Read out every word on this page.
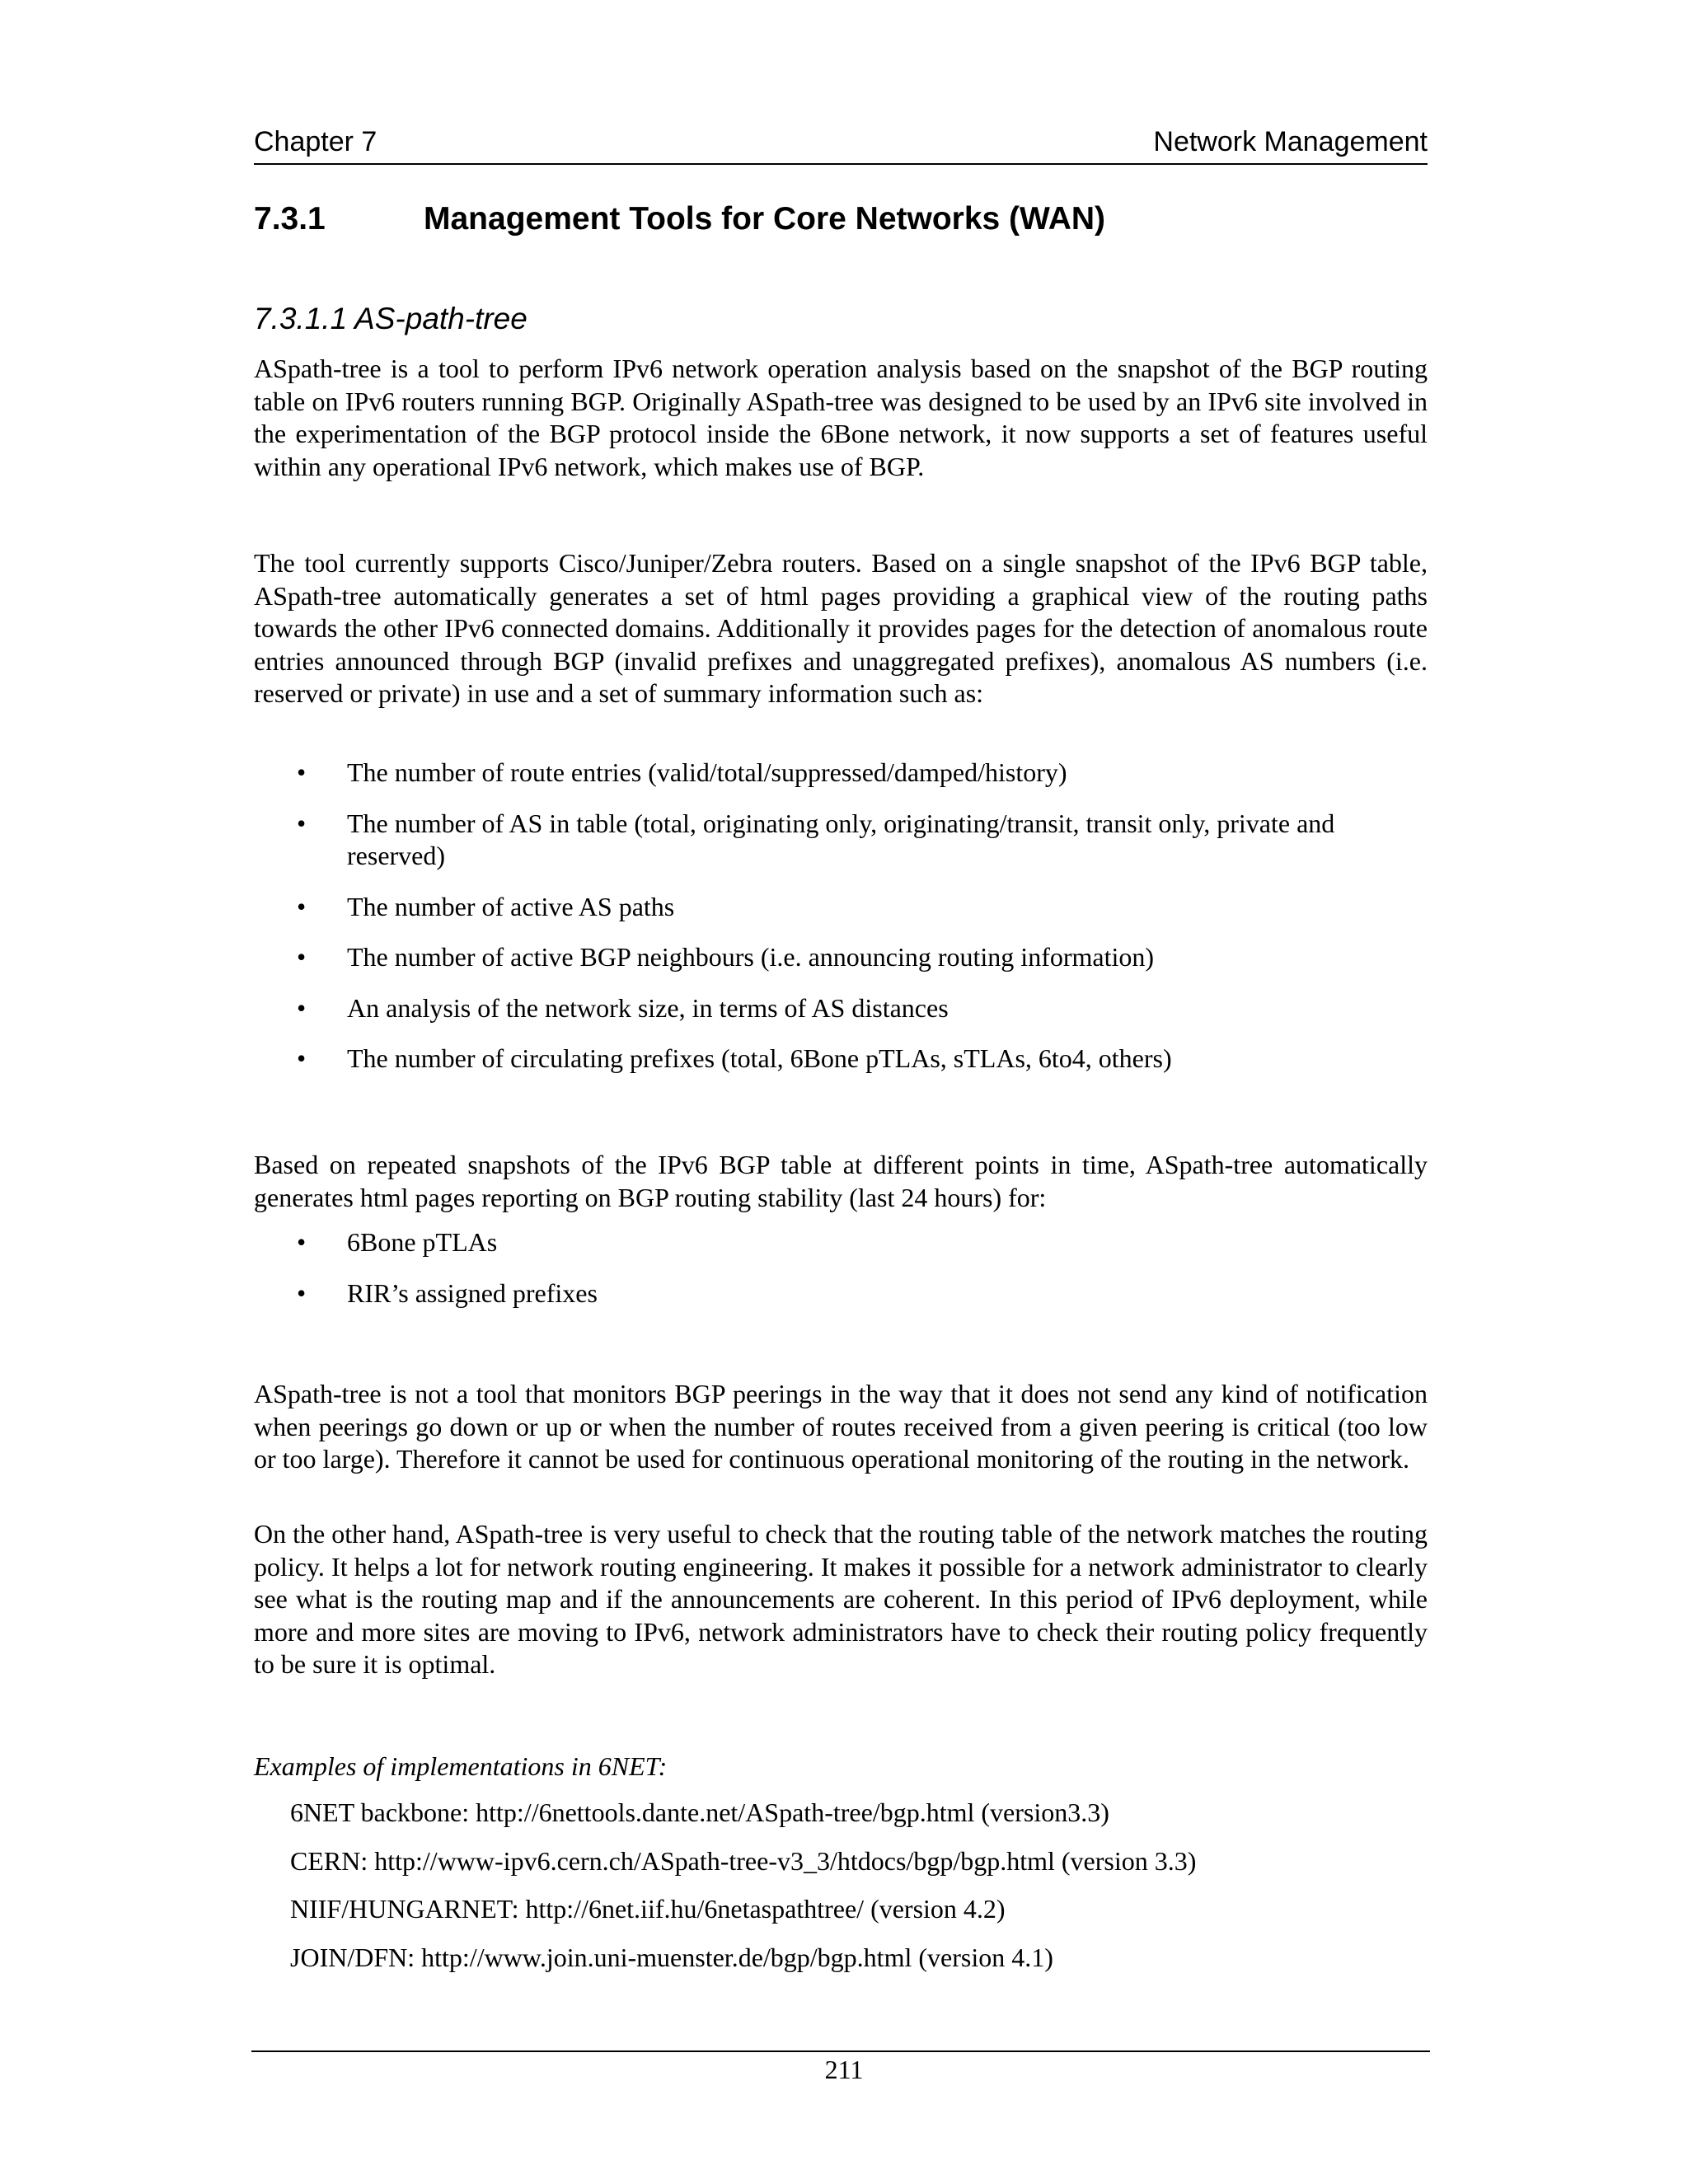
Chapter 7	Network Management
7.3.1	Management Tools for Core Networks (WAN)
7.3.1.1 AS-path-tree

ASpath-tree is a tool to perform IPv6 network operation analysis based on the snapshot of the BGP routing table on IPv6 routers running BGP. Originally ASpath-tree was designed to be used by an IPv6 site involved in the experimentation of the BGP protocol inside the 6Bone network, it now supports a set of features useful within any operational IPv6 network, which makes use of BGP.

The tool currently supports Cisco/Juniper/Zebra routers. Based on a single snapshot of the IPv6 BGP table, ASpath-tree automatically generates a set of html pages providing a graphical view of the routing paths towards the other IPv6 connected domains. Additionally it provides pages for the detection of anomalous route entries announced through BGP (invalid prefixes and unaggregated prefixes), anomalous AS numbers (i.e. reserved or private) in use and a set of summary information such as:

• The number of route entries (valid/total/suppressed/damped/history)
• The number of AS in table (total, originating only, originating/transit, transit only, private and reserved)
• The number of active AS paths
• The number of active BGP neighbours (i.e. announcing routing information)
• An analysis of the network size, in terms of AS distances
• The number of circulating prefixes (total, 6Bone pTLAs, sTLAs, 6to4, others)

Based on repeated snapshots of the IPv6 BGP table at different points in time, ASpath-tree automatically generates html pages reporting on BGP routing stability (last 24 hours) for:

• 6Bone pTLAs
• RIR’s assigned prefixes

ASpath-tree is not a tool that monitors BGP peerings in the way that it does not send any kind of notification when peerings go down or up or when the number of routes received from a given peering is critical (too low or too large). Therefore it cannot be used for continuous operational monitoring of the routing in the network.

On the other hand, ASpath-tree is very useful to check that the routing table of the network matches the routing policy. It helps a lot for network routing engineering. It makes it possible for a network administrator to clearly see what is the routing map and if the announcements are coherent. In this period of IPv6 deployment, while more and more sites are moving to IPv6, network administrators have to check their routing policy frequently to be sure it is optimal.

Examples of implementations in 6NET:
6NET backbone: http://6nettools.dante.net/ASpath-tree/bgp.html (version3.3)
CERN: http://www-ipv6.cern.ch/ASpath-tree-v3_3/htdocs/bgp/bgp.html (version 3.3)
NIIF/HUNGARNET: http://6net.iif.hu/6netaspathtree/ (version 4.2)
JOIN/DFN: http://www.join.uni-muenster.de/bgp/bgp.html (version 4.1)
211
